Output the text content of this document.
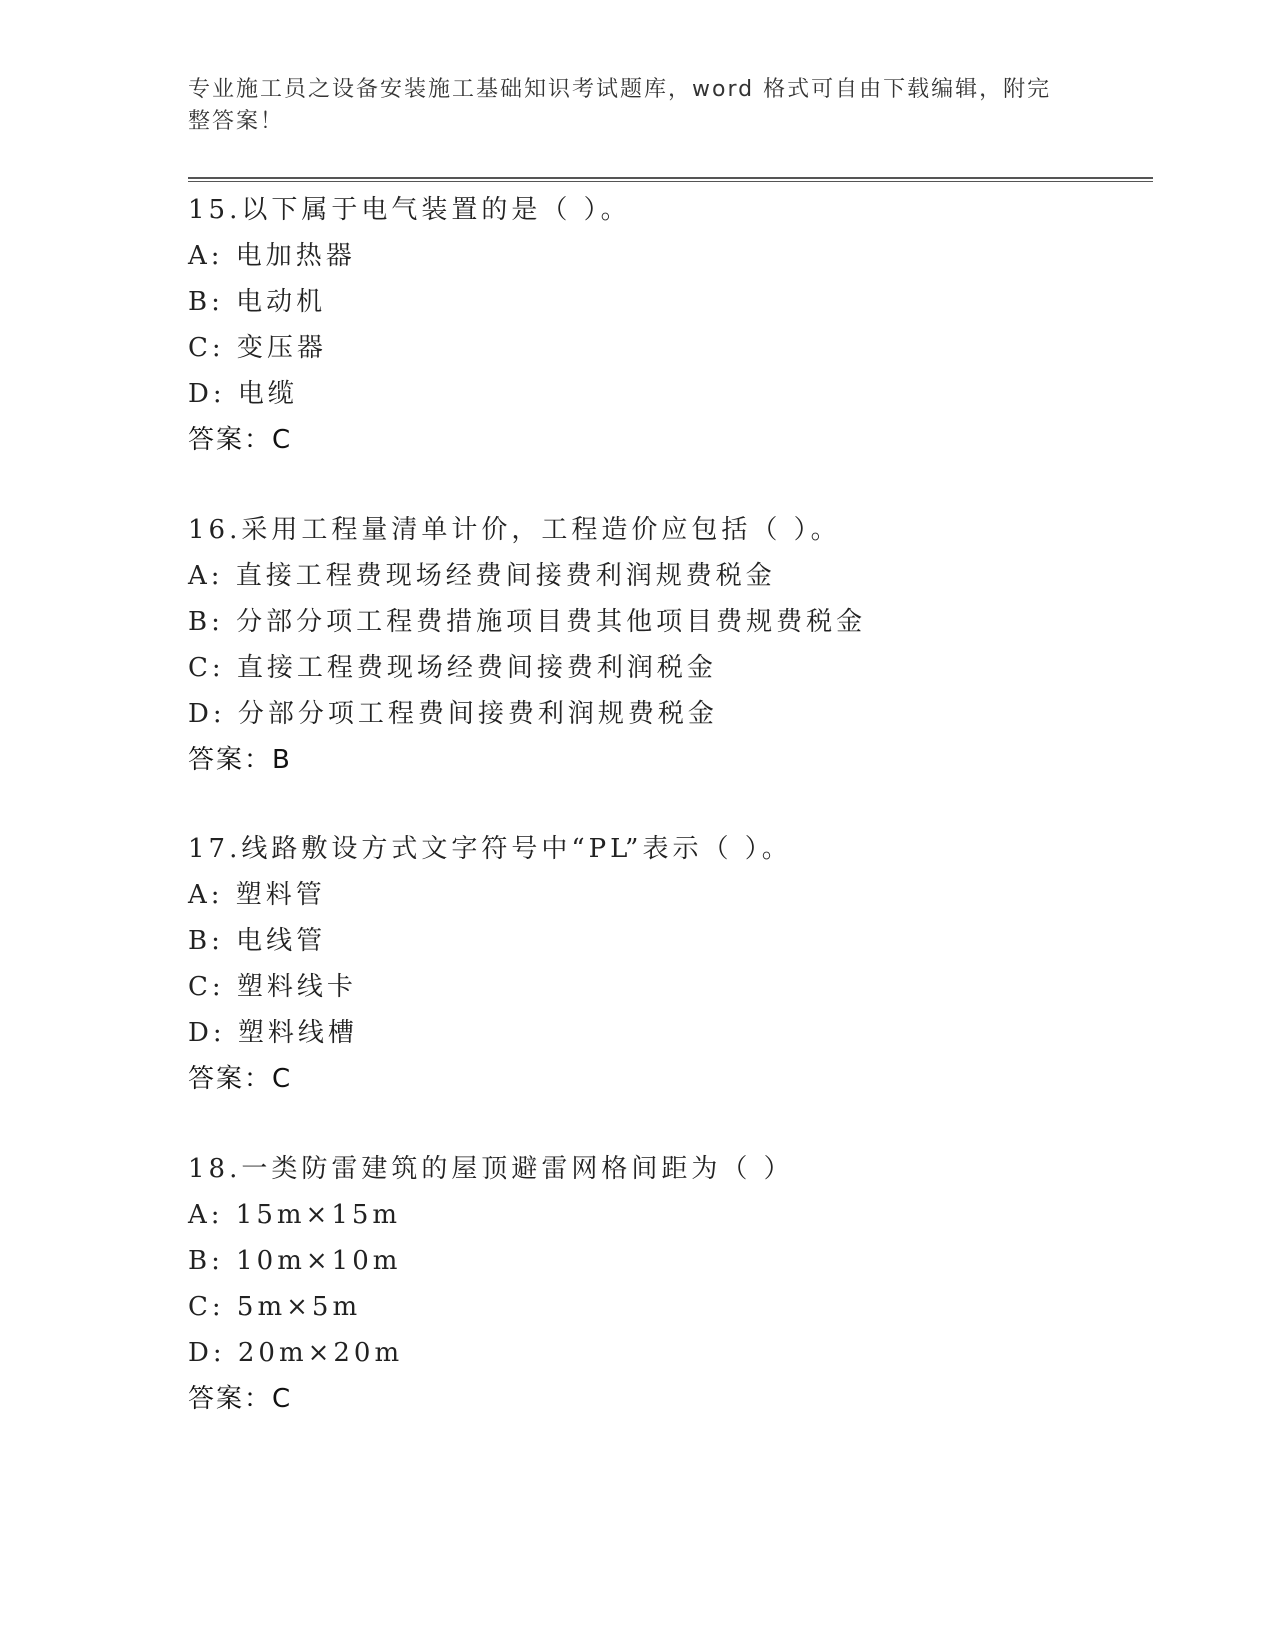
专业施工员之设备安装施工基础知识考试题库，word 格式可自由下载编辑，附完
整答案！
15.以下属于电气装置的是（ ）。
A: 电加热器
B: 电动机
C: 变压器
D: 电缆
答案：C
16.采用工程量清单计价，工程造价应包括（ ）。
A: 直接工程费现场经费间接费利润规费税金
B: 分部分项工程费措施项目费其他项目费规费税金
C: 直接工程费现场经费间接费利润税金
D: 分部分项工程费间接费利润规费税金
答案：B
17.线路敷设方式文字符号中“PL”表示（ ）。
A: 塑料管
B: 电线管
C: 塑料线卡
D: 塑料线槽
答案：C
18.一类防雷建筑的屋顶避雷网格间距为（ ）
A: 15m×15m
B: 10m×10m
C: 5m×5m
D: 20m×20m
答案：C
